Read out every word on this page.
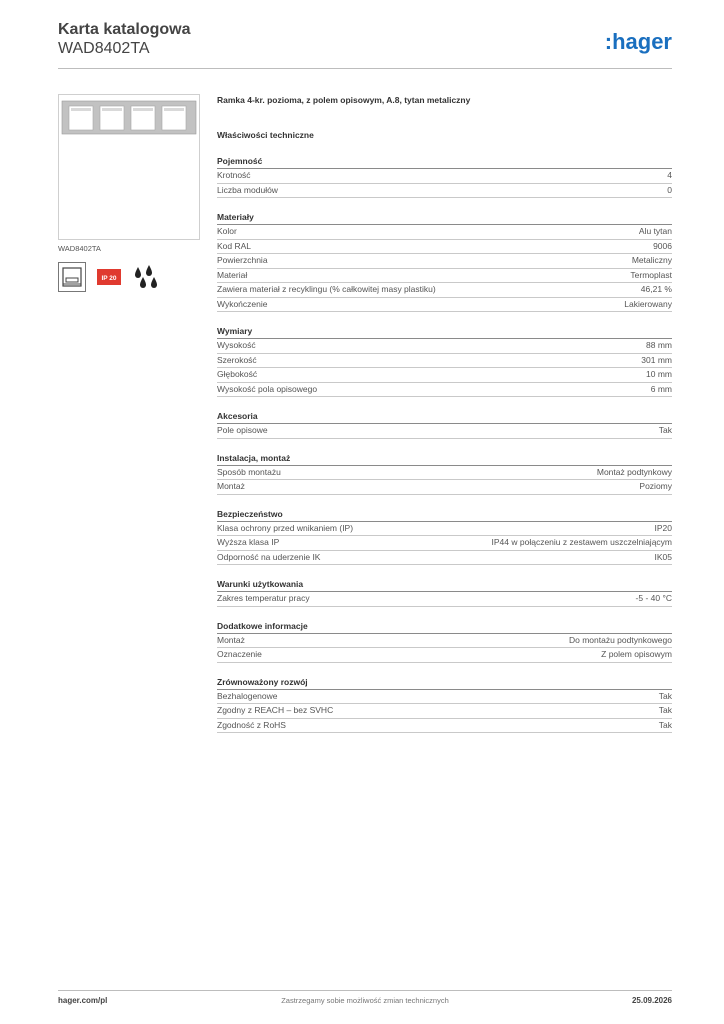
Karta katalogowa
WAD8402TA	:hager
WAD8402TA
IP 20
Ramka 4-kr. pozioma, z polem opisowym, A.8, tytan metaliczny
Właściwości techniczne
Pojemność
Krotność	4
Liczba modułów	0
Materiały
Kolor	Alu tytan
Kod RAL	9006
Powierzchnia	Metaliczny
Materiał	Termoplast
Zawiera materiał z recyklingu (% całkowitej masy plastiku)	46,21 %
Wykończenie	Lakierowany
Wymiary
Wysokość	88 mm
Szerokość	301 mm
Głębokość	10 mm
Wysokość pola opisowego	6 mm
Akcesoria
Pole opisowe	Tak
Instalacja, montaż
Sposób montażu	Montaż podtynkowy
Montaż	Poziomy
Bezpieczeństwo
Klasa ochrony przed wnikaniem (IP)	IP20
Wyższa klasa IP	IP44 w połączeniu z zestawem uszczelniającym
Odporność na uderzenie IK	IK05
Warunki użytkowania
Zakres temperatur pracy	-5 - 40 °C
Dodatkowe informacje
Montaż	Do montażu podtynkowego
Oznaczenie	Z polem opisowym
Zrównoważony rozwój
Bezhalogenowe	Tak
Zgodny z REACH – bez SVHC	Tak
Zgodność z RoHS	Tak
hager.com/pl	Zastrzegamy sobie możliwość zmian technicznych	25.09.2026
